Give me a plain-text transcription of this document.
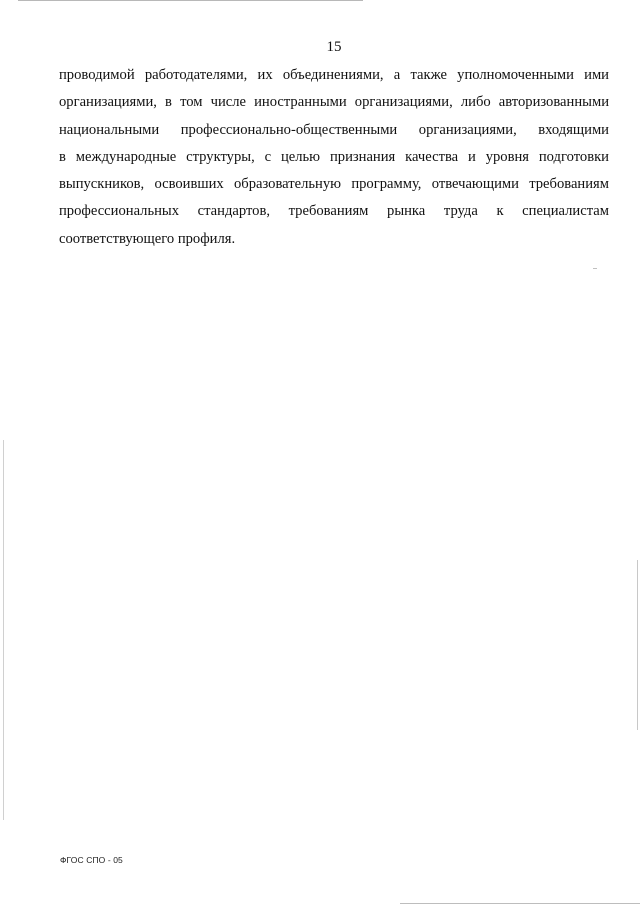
15

проводимой работодателями, их объединениями, а также уполномоченными ими
организациями, в том числе иностранными организациями, либо авторизованными
национальными профессионально-общественными организациями, входящими
в международные структуры, с целью признания качества и уровня подготовки
выпускников, освоивших образовательную программу, отвечающими требованиям
профессиональных стандартов, требованиям рынка труда к специалистам
соответствующего профиля.

ФГОС СПО - 05
